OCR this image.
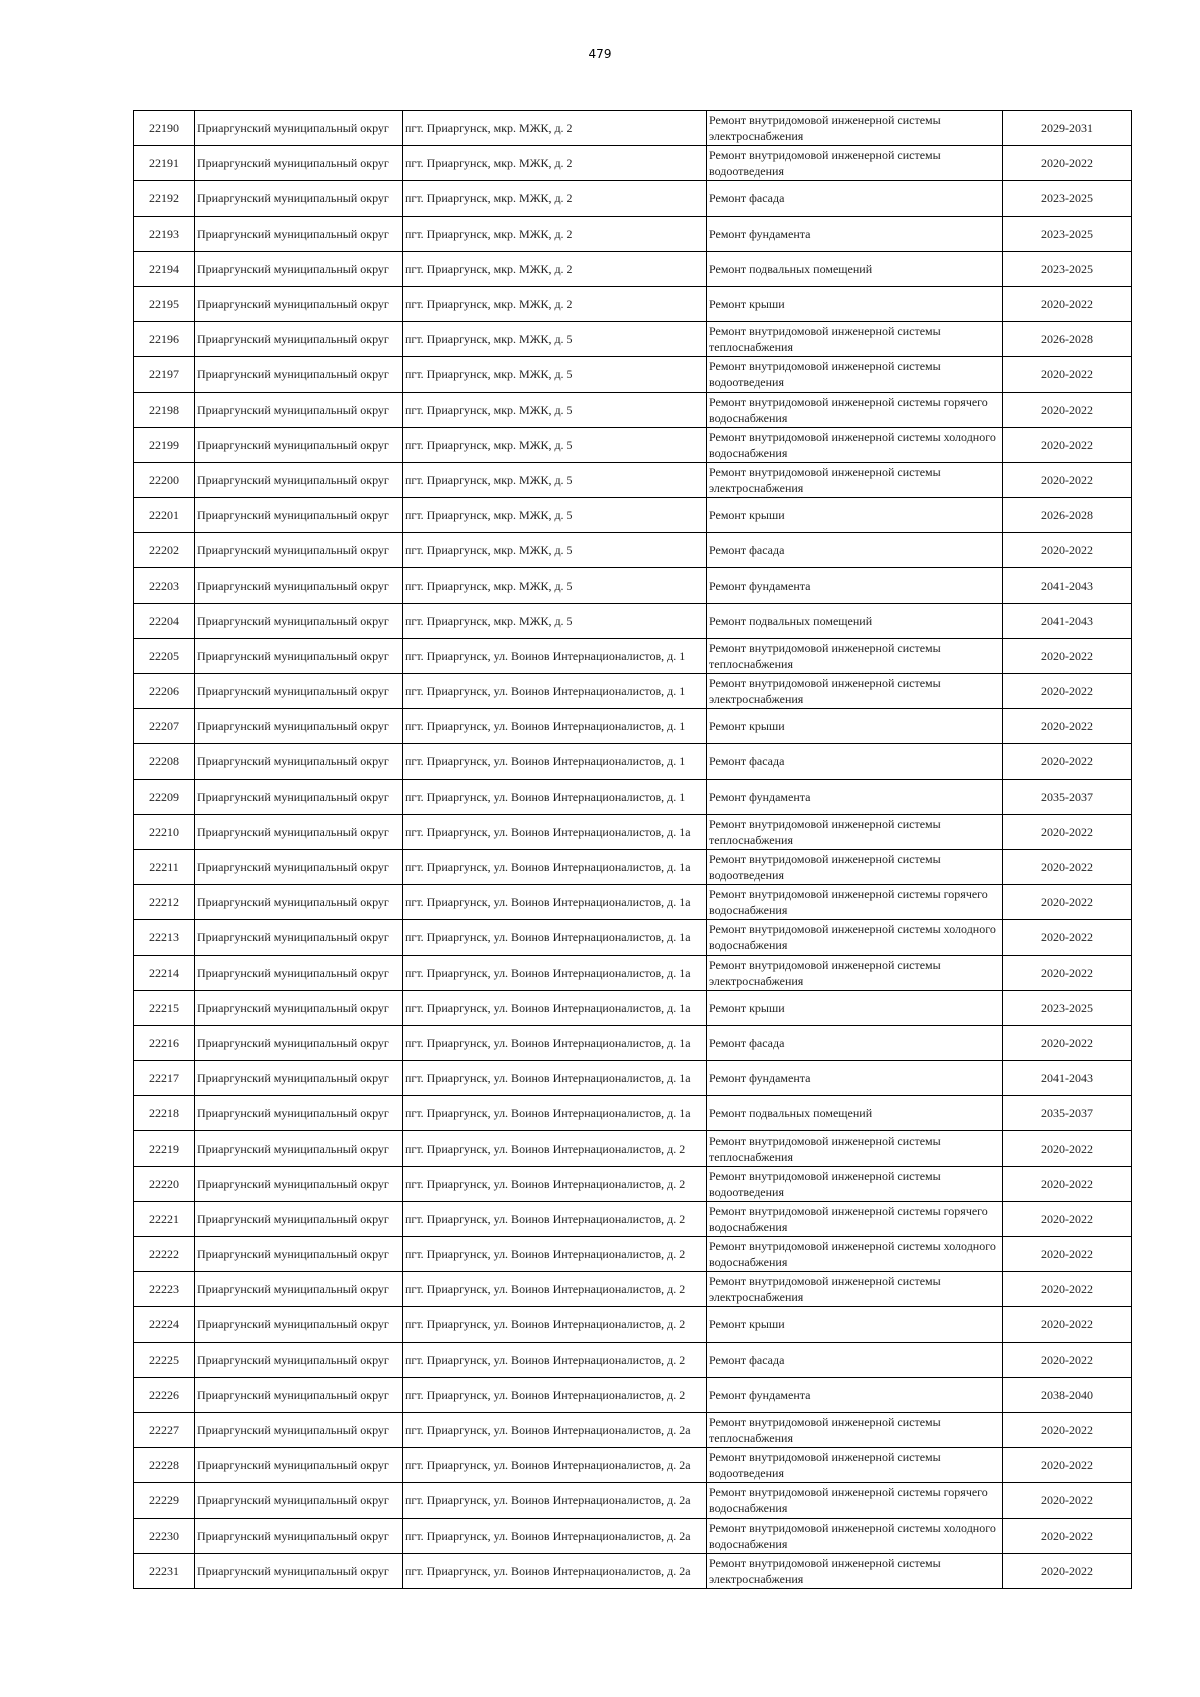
479
22190	Приаргунский муниципальный округ	пгт. Приаргунск, мкр. МЖК, д. 2	Ремонт внутридомовой инженерной системы электроснабжения	2029-2031
22191	Приаргунский муниципальный округ	пгт. Приаргунск, мкр. МЖК, д. 2	Ремонт внутридомовой инженерной системы водоотведения	2020-2022
22192	Приаргунский муниципальный округ	пгт. Приаргунск, мкр. МЖК, д. 2	Ремонт фасада	2023-2025
22193	Приаргунский муниципальный округ	пгт. Приаргунск, мкр. МЖК, д. 2	Ремонт фундамента	2023-2025
22194	Приаргунский муниципальный округ	пгт. Приаргунск, мкр. МЖК, д. 2	Ремонт подвальных помещений	2023-2025
22195	Приаргунский муниципальный округ	пгт. Приаргунск, мкр. МЖК, д. 2	Ремонт крыши	2020-2022
22196	Приаргунский муниципальный округ	пгт. Приаргунск, мкр. МЖК, д. 5	Ремонт внутридомовой инженерной системы теплоснабжения	2026-2028
22197	Приаргунский муниципальный округ	пгт. Приаргунск, мкр. МЖК, д. 5	Ремонт внутридомовой инженерной системы водоотведения	2020-2022
22198	Приаргунский муниципальный округ	пгт. Приаргунск, мкр. МЖК, д. 5	Ремонт внутридомовой инженерной системы горячего водоснабжения	2020-2022
22199	Приаргунский муниципальный округ	пгт. Приаргунск, мкр. МЖК, д. 5	Ремонт внутридомовой инженерной системы холодного водоснабжения	2020-2022
22200	Приаргунский муниципальный округ	пгт. Приаргунск, мкр. МЖК, д. 5	Ремонт внутридомовой инженерной системы электроснабжения	2020-2022
22201	Приаргунский муниципальный округ	пгт. Приаргунск, мкр. МЖК, д. 5	Ремонт крыши	2026-2028
22202	Приаргунский муниципальный округ	пгт. Приаргунск, мкр. МЖК, д. 5	Ремонт фасада	2020-2022
22203	Приаргунский муниципальный округ	пгт. Приаргунск, мкр. МЖК, д. 5	Ремонт фундамента	2041-2043
22204	Приаргунский муниципальный округ	пгт. Приаргунск, мкр. МЖК, д. 5	Ремонт подвальных помещений	2041-2043
22205	Приаргунский муниципальный округ	пгт. Приаргунск, ул. Воинов Интернационалистов, д. 1	Ремонт внутридомовой инженерной системы теплоснабжения	2020-2022
22206	Приаргунский муниципальный округ	пгт. Приаргунск, ул. Воинов Интернационалистов, д. 1	Ремонт внутридомовой инженерной системы электроснабжения	2020-2022
22207	Приаргунский муниципальный округ	пгт. Приаргунск, ул. Воинов Интернационалистов, д. 1	Ремонт крыши	2020-2022
22208	Приаргунский муниципальный округ	пгт. Приаргунск, ул. Воинов Интернационалистов, д. 1	Ремонт фасада	2020-2022
22209	Приаргунский муниципальный округ	пгт. Приаргунск, ул. Воинов Интернационалистов, д. 1	Ремонт фундамента	2035-2037
22210	Приаргунский муниципальный округ	пгт. Приаргунск, ул. Воинов Интернационалистов, д. 1а	Ремонт внутридомовой инженерной системы теплоснабжения	2020-2022
22211	Приаргунский муниципальный округ	пгт. Приаргунск, ул. Воинов Интернационалистов, д. 1а	Ремонт внутридомовой инженерной системы водоотведения	2020-2022
22212	Приаргунский муниципальный округ	пгт. Приаргунск, ул. Воинов Интернационалистов, д. 1а	Ремонт внутридомовой инженерной системы горячего водоснабжения	2020-2022
22213	Приаргунский муниципальный округ	пгт. Приаргунск, ул. Воинов Интернационалистов, д. 1а	Ремонт внутридомовой инженерной системы холодного водоснабжения	2020-2022
22214	Приаргунский муниципальный округ	пгт. Приаргунск, ул. Воинов Интернационалистов, д. 1а	Ремонт внутридомовой инженерной системы электроснабжения	2020-2022
22215	Приаргунский муниципальный округ	пгт. Приаргунск, ул. Воинов Интернационалистов, д. 1а	Ремонт крыши	2023-2025
22216	Приаргунский муниципальный округ	пгт. Приаргунск, ул. Воинов Интернационалистов, д. 1а	Ремонт фасада	2020-2022
22217	Приаргунский муниципальный округ	пгт. Приаргунск, ул. Воинов Интернационалистов, д. 1а	Ремонт фундамента	2041-2043
22218	Приаргунский муниципальный округ	пгт. Приаргунск, ул. Воинов Интернационалистов, д. 1а	Ремонт подвальных помещений	2035-2037
22219	Приаргунский муниципальный округ	пгт. Приаргунск, ул. Воинов Интернационалистов, д. 2	Ремонт внутридомовой инженерной системы теплоснабжения	2020-2022
22220	Приаргунский муниципальный округ	пгт. Приаргунск, ул. Воинов Интернационалистов, д. 2	Ремонт внутридомовой инженерной системы водоотведения	2020-2022
22221	Приаргунский муниципальный округ	пгт. Приаргунск, ул. Воинов Интернационалистов, д. 2	Ремонт внутридомовой инженерной системы горячего водоснабжения	2020-2022
22222	Приаргунский муниципальный округ	пгт. Приаргунск, ул. Воинов Интернационалистов, д. 2	Ремонт внутридомовой инженерной системы холодного водоснабжения	2020-2022
22223	Приаргунский муниципальный округ	пгт. Приаргунск, ул. Воинов Интернационалистов, д. 2	Ремонт внутридомовой инженерной системы электроснабжения	2020-2022
22224	Приаргунский муниципальный округ	пгт. Приаргунск, ул. Воинов Интернационалистов, д. 2	Ремонт крыши	2020-2022
22225	Приаргунский муниципальный округ	пгт. Приаргунск, ул. Воинов Интернационалистов, д. 2	Ремонт фасада	2020-2022
22226	Приаргунский муниципальный округ	пгт. Приаргунск, ул. Воинов Интернационалистов, д. 2	Ремонт фундамента	2038-2040
22227	Приаргунский муниципальный округ	пгт. Приаргунск, ул. Воинов Интернационалистов, д. 2а	Ремонт внутридомовой инженерной системы теплоснабжения	2020-2022
22228	Приаргунский муниципальный округ	пгт. Приаргунск, ул. Воинов Интернационалистов, д. 2а	Ремонт внутридомовой инженерной системы водоотведения	2020-2022
22229	Приаргунский муниципальный округ	пгт. Приаргунск, ул. Воинов Интернационалистов, д. 2а	Ремонт внутридомовой инженерной системы горячего водоснабжения	2020-2022
22230	Приаргунский муниципальный округ	пгт. Приаргунск, ул. Воинов Интернационалистов, д. 2а	Ремонт внутридомовой инженерной системы холодного водоснабжения	2020-2022
22231	Приаргунский муниципальный округ	пгт. Приаргунск, ул. Воинов Интернационалистов, д. 2а	Ремонт внутридомовой инженерной системы электроснабжения	2020-2022
